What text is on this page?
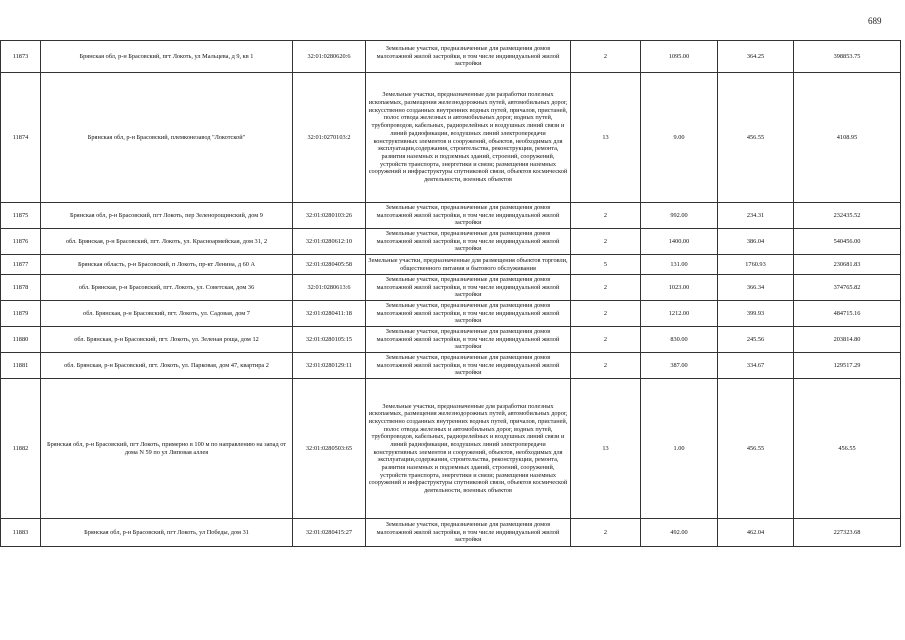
689
11873	Брянская обл, р-н Брасовский, пгт Локоть, ул Мальцева, д 9, кв 1	32:01:0280620:6	Земельные участки, предназначенные для размещения домов малоэтажной жилой застройки, в том числе индивидуальной жилой застройки	2	1095.00	364.25	398853.75
11874	Брянская обл, р-н Брасовский, племконезавод "Локотской"	32:01:0270103:2	Земельные участки, предназначенные для разработки полезных ископаемых, размещения железнодорожных путей, автомобильных дорог, искусственно созданных внутренних водных путей, причалов, пристаней, полос отвода железных и автомобильных дорог, водных путей, трубопроводов, кабельных, радиорелейных и воздушных линий связи и линий радиофикации, воздушных линий электропередачи конструктивных элементов и сооружений, объектов, необходимых для эксплуатации,содержания, строительства, реконструкции, ремонта, развития наземных и подземных зданий, строений, сооружений, устройств транспорта, энергетики и связи; размещения наземных сооружений и инфраструктуры спутниковой связи, объектов космической деятельности, военных объектов	13	9.00	456.55	4108.95
11875	Брянская обл, р-н Брасовский, пгт Локоть, пер Зеленорощинский, дом 9	32:01:0280103:26	Земельные участки, предназначенные для размещения домов малоэтажной жилой застройки, в том числе индивидуальной жилой застройки	2	992.00	234.31	232435.52
11876	обл. Брянская, р-н Брасовский, пгт. Локоть, ул. Красноармейская, дом 31, 2	32:01:0280612:10	Земельные участки, предназначенные для размещения домов малоэтажной жилой застройки, в том числе индивидуальной жилой застройки	2	1400.00	386.04	540456.00
11877	Брянская область, р-н Брасовский, п Локоть, пр-кт Ленина, д 60 А	32:01:0280405:58	Земельные участки, предназначенные для размещения объектов торговли, общественного питания и бытового обслуживания	5	131.00	1760.93	230681.83
11878	обл. Брянская, р-н Брасовский, пгт. Локоть, ул. Советская, дом 36	32:01:0280613:6	Земельные участки, предназначенные для размещения домов малоэтажной жилой застройки, в том числе индивидуальной жилой застройки	2	1023.00	366.34	374765.82
11879	обл. Брянская, р-н Брасовский, пгт. Локоть, ул. Садовая, дом 7	32:01:0280411:18	Земельные участки, предназначенные для размещения домов малоэтажной жилой застройки, в том числе индивидуальной жилой застройки	2	1212.00	399.93	484715.16
11880	обл. Брянская, р-н Брасовский, пгт. Локоть, ул. Зеленая роща, дом 12	32:01:0280105:15	Земельные участки, предназначенные для размещения домов малоэтажной жилой застройки, в том числе индивидуальной жилой застройки	2	830.00	245.56	203814.80
11881	обл. Брянская, р-н Брасовский, пгт. Локоть, ул. Парковая, дом 47, квартира 2	32:01:0280129:11	Земельные участки, предназначенные для размещения домов малоэтажной жилой застройки, в том числе индивидуальной жилой застройки	2	387.00	334.67	129517.29
11882	Брянская обл, р-н Брасовский, пгт Локоть, примерно в 100 м по направлению на запад от дома N 59 по ул Липовая аллея	32:01:0280503:65	Земельные участки, предназначенные для разработки полезных ископаемых, размещения железнодорожных путей, автомобильных дорог, искусственно созданных внутренних водных путей, причалов, пристаней, полос отвода железных и автомобильных дорог, водных путей, трубопроводов, кабельных, радиорелейных и воздушных линий связи и линий радиофикации, воздушных линий электропередачи конструктивных элементов и сооружений, объектов, необходимых для эксплуатации,содержания, строительства, реконструкции, ремонта, развития наземных и подземных зданий, строений, сооружений, устройств транспорта, энергетики и связи; размещения наземных сооружений и инфраструктуры спутниковой связи, объектов космической деятельности, военных объектов	13	1.00	456.55	456.55
11883	Брянская обл, р-н Брасовский, пгт Локоть, ул Победы, дом 31	32:01:0280415:27	Земельные участки, предназначенные для размещения домов малоэтажной жилой застройки, в том числе индивидуальной жилой застройки	2	492.00	462.04	227323.68
